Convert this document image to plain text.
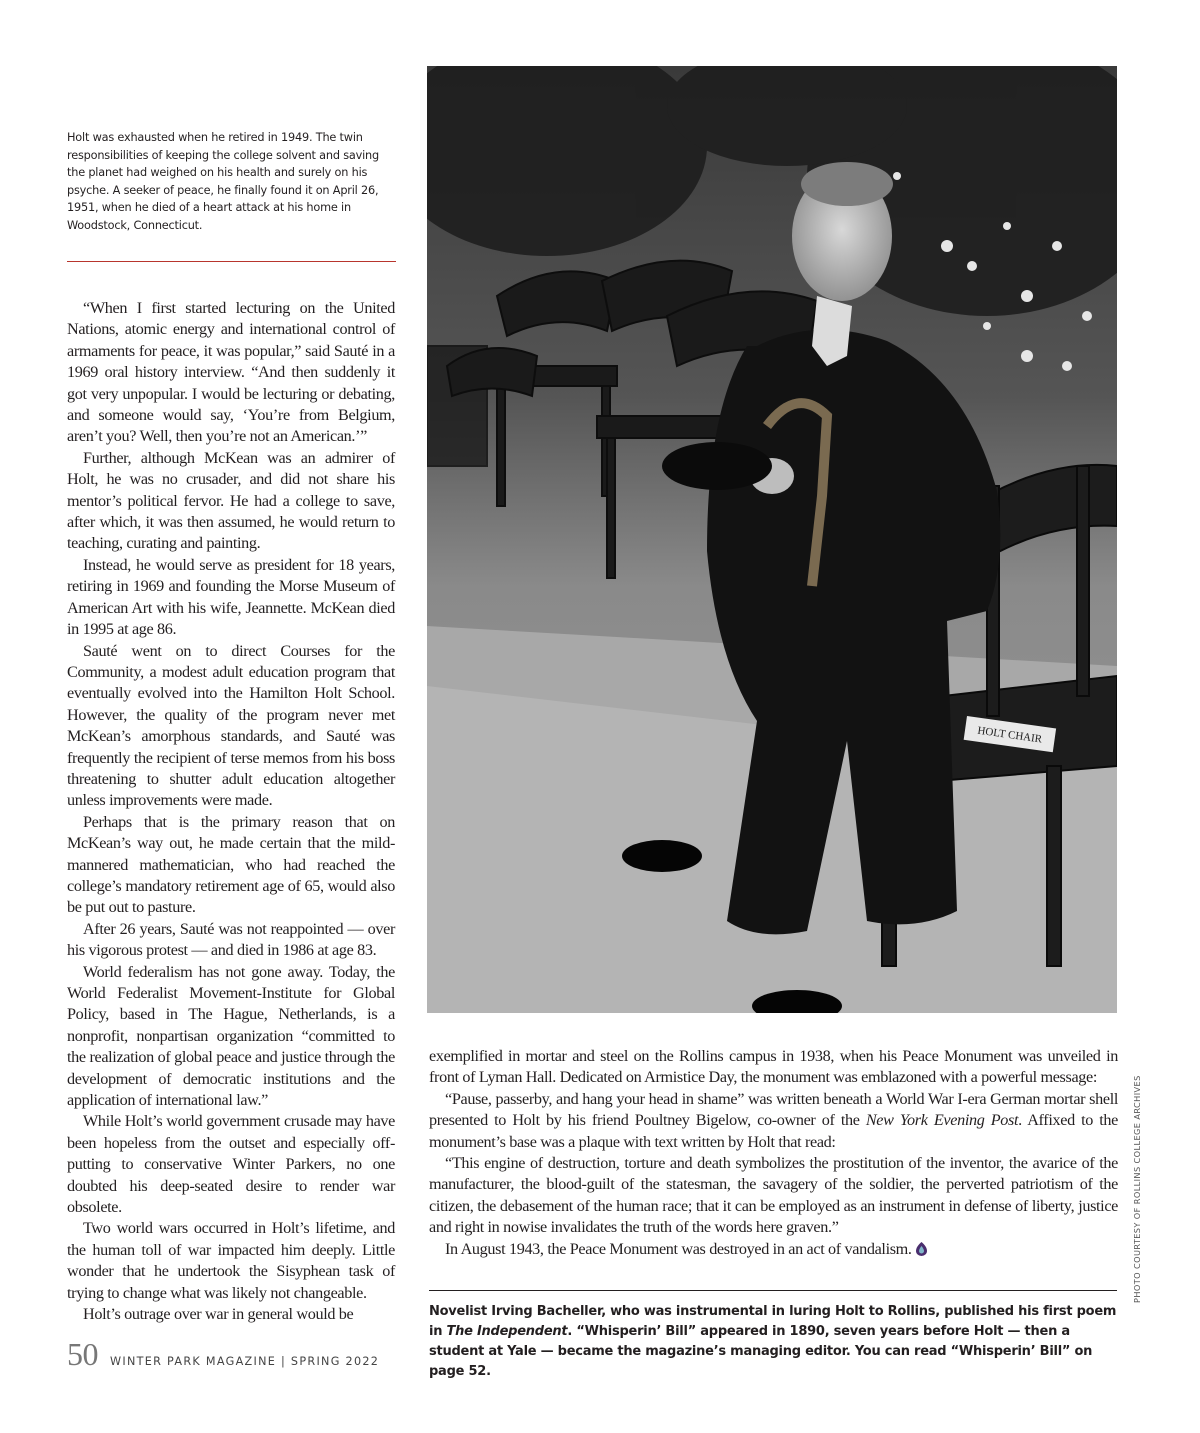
Holt was exhausted when he retired in 1949. The twin responsibilities of keeping the college solvent and saving the planet had weighed on his health and surely on his psyche. A seeker of peace, he finally found it on April 26, 1951, when he died of a heart attack at his home in Woodstock, Connecticut.

“When I first started lecturing on the United Nations, atomic energy and international control of armaments for peace, it was popular,” said Sauté in a 1969 oral history interview. “And then suddenly it got very unpopular. I would be lecturing or debating, and someone would say, ‘You’re from Belgium, aren’t you? Well, then you’re not an American.’”

Further, although McKean was an admirer of Holt, he was no crusader, and did not share his mentor’s political fervor. He had a college to save, after which, it was then assumed, he would return to teaching, curating and painting.

Instead, he would serve as president for 18 years, retiring in 1969 and founding the Morse Museum of American Art with his wife, Jeannette. McKean died in 1995 at age 86.

Sauté went on to direct Courses for the Community, a modest adult education program that eventually evolved into the Hamilton Holt School. However, the quality of the program never met McKean’s amorphous standards, and Sauté was frequently the recipient of terse memos from his boss threatening to shutter adult education altogether unless improvements were made.

Perhaps that is the primary reason that on McKean’s way out, he made certain that the mild-mannered mathematician, who had reached the college’s mandatory retirement age of 65, would also be put out to pasture.

After 26 years, Sauté was not reappointed — over his vigorous protest — and died in 1986 at age 83.

World federalism has not gone away. Today, the World Federalist Movement-Institute for Global Policy, based in The Hague, Netherlands, is a nonprofit, nonpartisan organization “committed to the realization of global peace and justice through the development of democratic institutions and the application of international law.”

While Holt’s world government crusade may have been hopeless from the outset and especially off-putting to conservative Winter Parkers, no one doubted his deep-seated desire to render war obsolete.

Two world wars occurred in Holt’s lifetime, and the human toll of war impacted him deeply. Little wonder that he undertook the Sisyphean task of trying to change what was likely not changeable.

Holt’s outrage over war in general would be

HOLT CHAIR

exemplified in mortar and steel on the Rollins campus in 1938, when his Peace Monument was unveiled in front of Lyman Hall. Dedicated on Armistice Day, the monument was emblazoned with a powerful message:

“Pause, passerby, and hang your head in shame” was written beneath a World War I-era German mortar shell presented to Holt by his friend Poultney Bigelow, co-owner of the New York Evening Post. Affixed to the monument’s base was a plaque with text written by Holt that read:

“This engine of destruction, torture and death symbolizes the prostitution of the inventor, the avarice of the manufacturer, the blood-guilt of the statesman, the savagery of the soldier, the perverted patriotism of the citizen, the debasement of the human race; that it can be employed as an instrument in defense of liberty, justice and right in nowise invalidates the truth of the words here graven.”

In August 1943, the Peace Monument was destroyed in an act of vandalism.

Novelist Irving Bacheller, who was instrumental in luring Holt to Rollins, published his first poem in The Independent. “Whisperin’ Bill” appeared in 1890, seven years before Holt — then a student at Yale — became the magazine’s managing editor. You can read “Whisperin’ Bill” on page 52.
PHOTO COURTESY OF ROLLINS COLLEGE ARCHIVES
50 WINTER PARK MAGAZINE | SPRING 2022
